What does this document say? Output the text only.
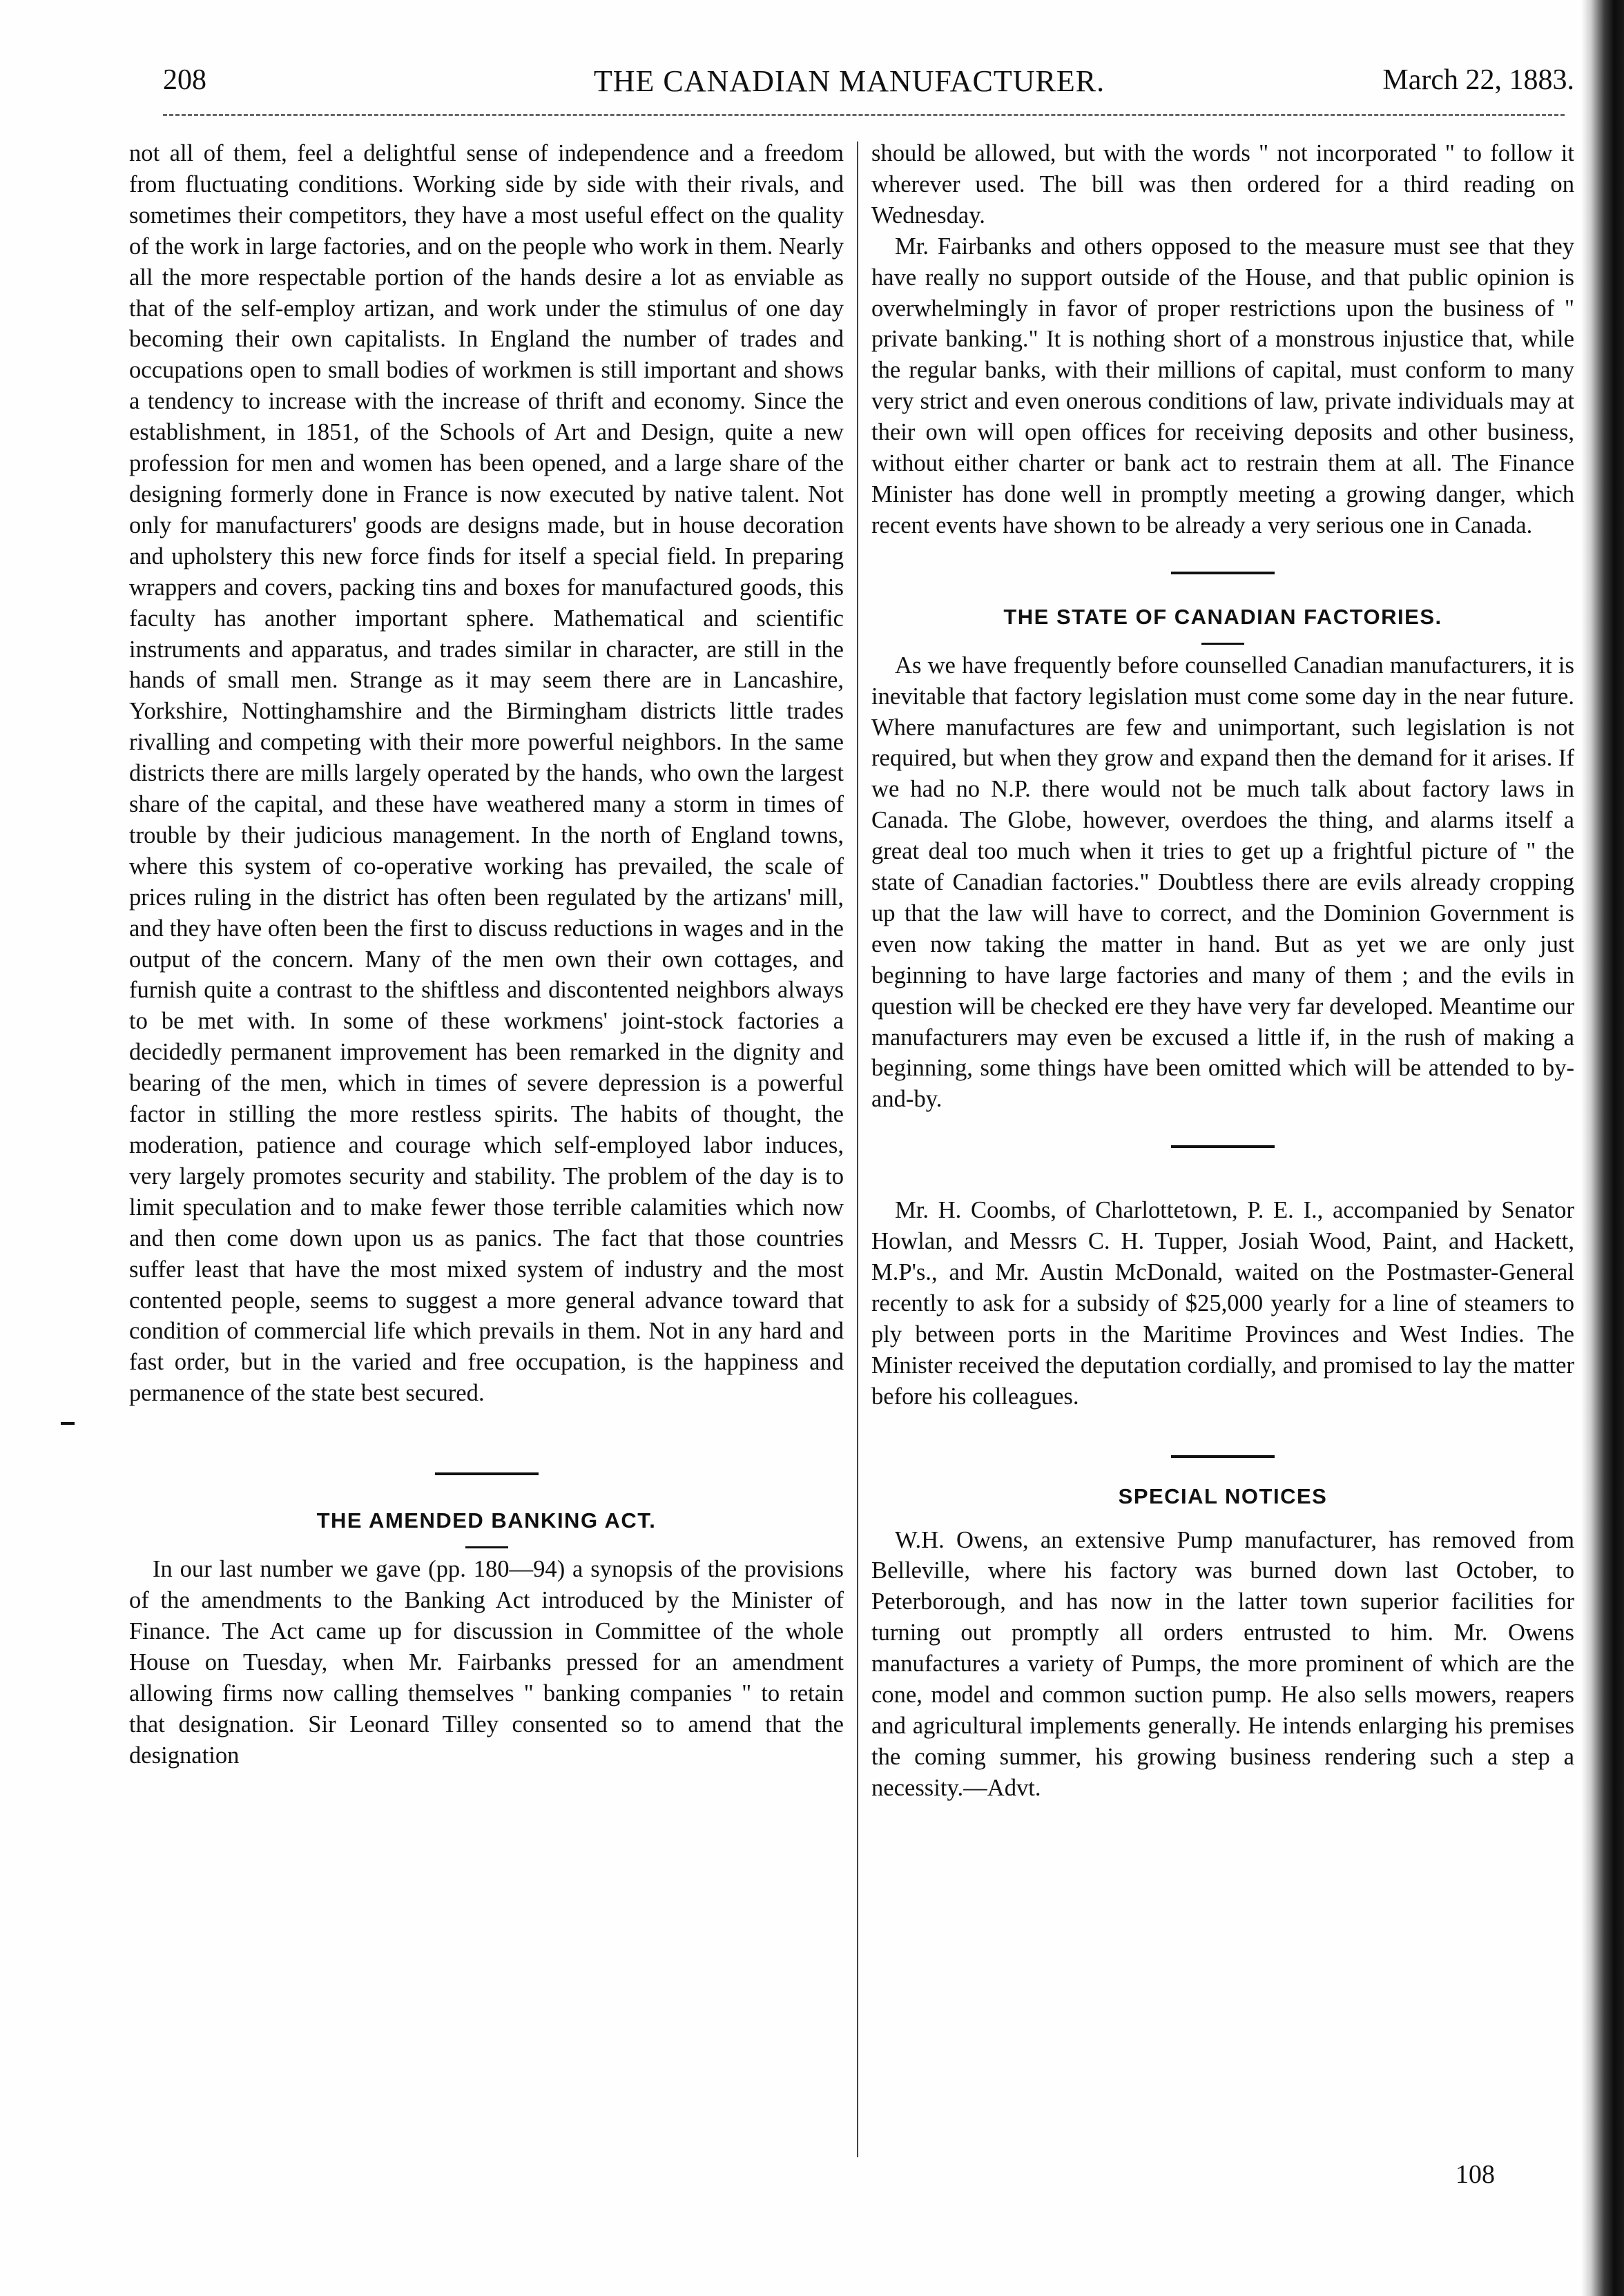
208	THE CANADIAN MANUFACTURER.	March 22, 1883.

not all of them, feel a delightful sense of independence and a freedom from fluctuating conditions. Working side by side with their rivals, and sometimes their competitors, they have a most useful effect on the quality of the work in large factories, and on the people who work in them. Nearly all the more respectable portion of the hands desire a lot as enviable as that of the self-employ artizan, and work under the stimulus of one day becoming their own capitalists. In England the number of trades and occupations open to small bodies of workmen is still important and shows a tendency to increase with the increase of thrift and economy. Since the establishment, in 1851, of the Schools of Art and Design, quite a new profession for men and women has been opened, and a large share of the designing formerly done in France is now executed by native talent. Not only for manufacturers' goods are designs made, but in house decoration and upholstery this new force finds for itself a special field. In preparing wrappers and covers, packing tins and boxes for manufactured goods, this faculty has another important sphere. Mathematical and scientific instruments and apparatus, and trades similar in character, are still in the hands of small men. Strange as it may seem there are in Lancashire, Yorkshire, Nottinghamshire and the Birmingham districts little trades rivalling and competing with their more powerful neighbors. In the same districts there are mills largely operated by the hands, who own the largest share of the capital, and these have weathered many a storm in times of trouble by their judicious management. In the north of England towns, where this system of co-operative working has prevailed, the scale of prices ruling in the district has often been regulated by the artizans' mill, and they have often been the first to discuss reductions in wages and in the output of the concern. Many of the men own their own cottages, and furnish quite a contrast to the shiftless and discontented neighbors always to be met with. In some of these workmens' joint-stock factories a decidedly permanent improvement has been remarked in the dignity and bearing of the men, which in times of severe depression is a powerful factor in stilling the more restless spirits. The habits of thought, the moderation, patience and courage which self-employed labor induces, very largely promotes security and stability. The problem of the day is to limit speculation and to make fewer those terrible calamities which now and then come down upon us as panics. The fact that those countries suffer least that have the most mixed system of industry and the most contented people, seems to suggest a more general advance toward that condition of commercial life which prevails in them. Not in any hard and fast order, but in the varied and free occupation, is the happiness and permanence of the state best secured.

THE AMENDED BANKING ACT.

In our last number we gave (pp. 180—94) a synopsis of the provisions of the amendments to the Banking Act introduced by the Minister of Finance. The Act came up for discussion in Committee of the whole House on Tuesday, when Mr. Fairbanks pressed for an amendment allowing firms now calling themselves " banking companies " to retain that designation. Sir Leonard Tilley consented so to amend that the designation

should be allowed, but with the words " not incorporated " to follow it wherever used. The bill was then ordered for a third reading on Wednesday.

Mr. Fairbanks and others opposed to the measure must see that they have really no support outside of the House, and that public opinion is overwhelmingly in favor of proper restrictions upon the business of " private banking." It is nothing short of a monstrous injustice that, while the regular banks, with their millions of capital, must conform to many very strict and even onerous conditions of law, private individuals may at their own will open offices for receiving deposits and other business, without either charter or bank act to restrain them at all. The Finance Minister has done well in promptly meeting a growing danger, which recent events have shown to be already a very serious one in Canada.

THE STATE OF CANADIAN FACTORIES.

As we have frequently before counselled Canadian manufacturers, it is inevitable that factory legislation must come some day in the near future. Where manufactures are few and unimportant, such legislation is not required, but when they grow and expand then the demand for it arises. If we had no N.P. there would not be much talk about factory laws in Canada. The Globe, however, overdoes the thing, and alarms itself a great deal too much when it tries to get up a frightful picture of " the state of Canadian factories." Doubtless there are evils already cropping up that the law will have to correct, and the Dominion Government is even now taking the matter in hand. But as yet we are only just beginning to have large factories and many of them ; and the evils in question will be checked ere they have very far developed. Meantime our manufacturers may even be excused a little if, in the rush of making a beginning, some things have been omitted which will be attended to by-and-by.

Mr. H. Coombs, of Charlottetown, P. E. I., accompanied by Senator Howlan, and Messrs C. H. Tupper, Josiah Wood, Paint, and Hackett, M.P's., and Mr. Austin McDonald, waited on the Postmaster-General recently to ask for a subsidy of $25,000 yearly for a line of steamers to ply between ports in the Maritime Provinces and West Indies. The Minister received the deputation cordially, and promised to lay the matter before his colleagues.

SPECIAL NOTICES

W.H. Owens, an extensive Pump manufacturer, has removed from Belleville, where his factory was burned down last October, to Peterborough, and has now in the latter town superior facilities for turning out promptly all orders entrusted to him. Mr. Owens manufactures a variety of Pumps, the more prominent of which are the cone, model and common suction pump. He also sells mowers, reapers and agricultural implements generally. He intends enlarging his premises the coming summer, his growing business rendering such a step a necessity.—Advt.

108
